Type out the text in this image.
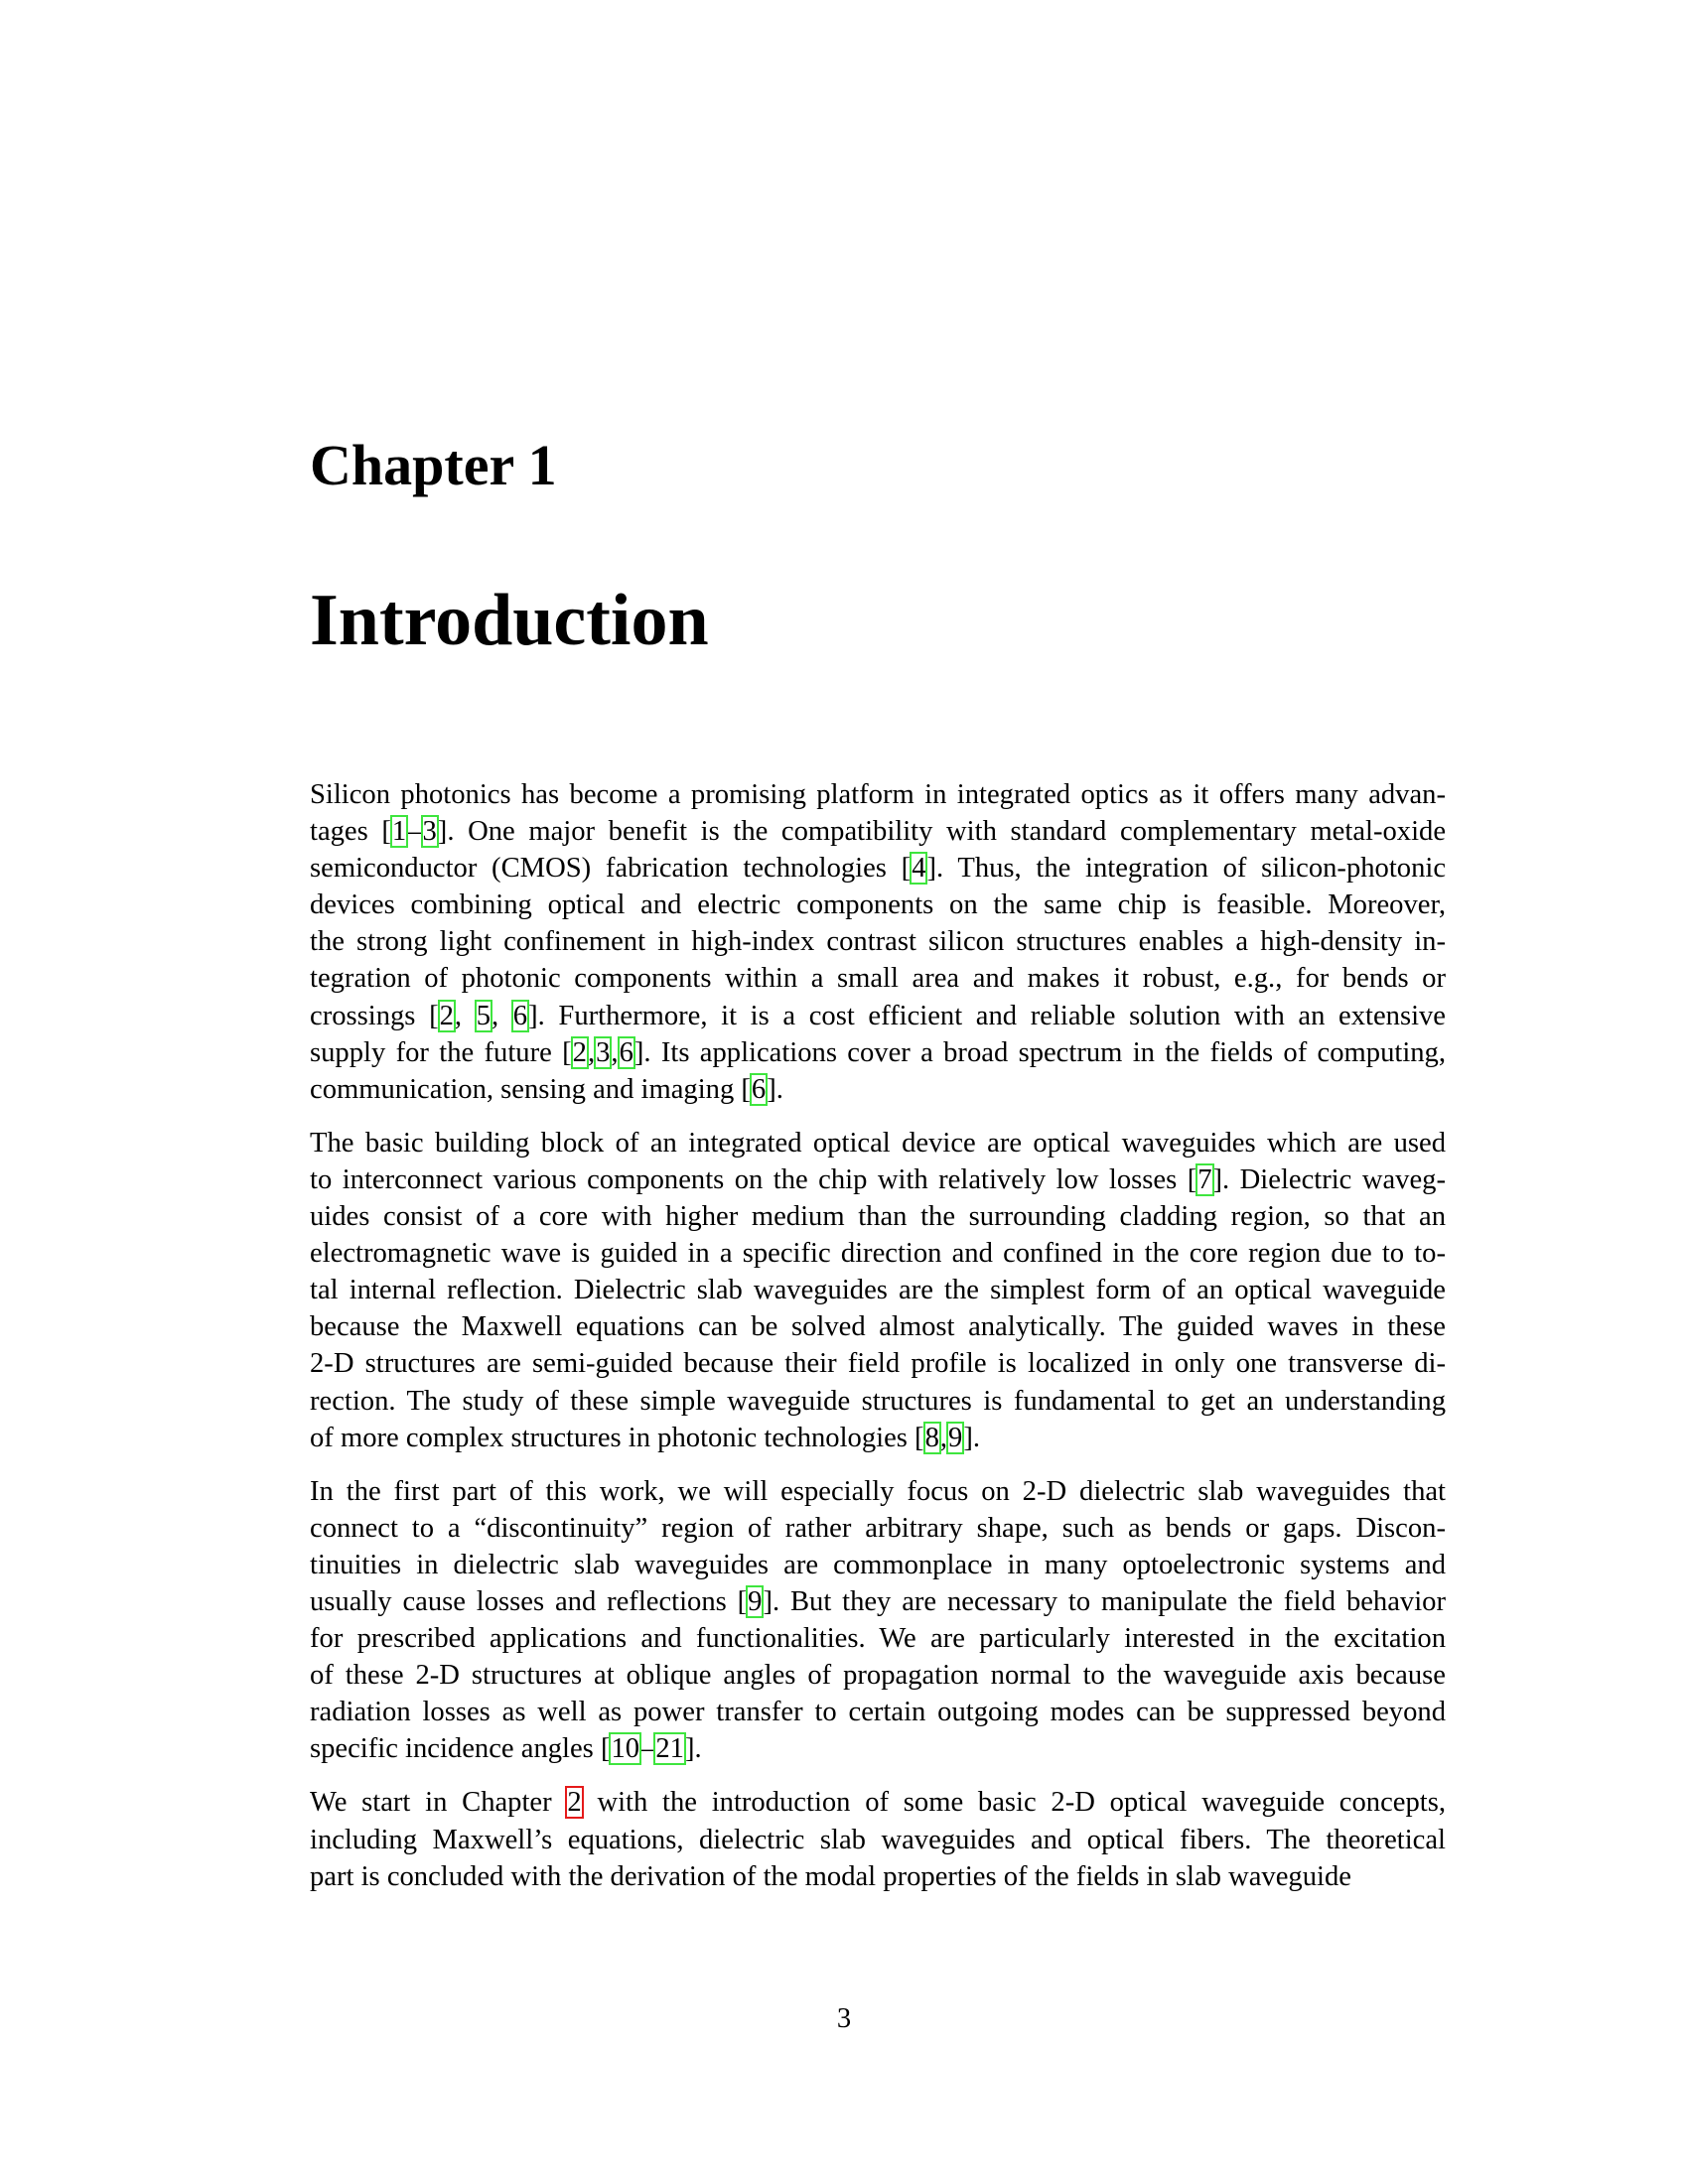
Chapter 1
Introduction

Silicon photonics has become a promising platform in integrated optics as it offers many advan-
tages [1–3]. One major benefit is the compatibility with standard complementary metal-oxide
semiconductor (CMOS) fabrication technologies [4]. Thus, the integration of silicon-photonic
devices combining optical and electric components on the same chip is feasible. Moreover,
the strong light confinement in high-index contrast silicon structures enables a high-density in-
tegration of photonic components within a small area and makes it robust, e.g., for bends or
crossings [2, 5, 6]. Furthermore, it is a cost efficient and reliable solution with an extensive
supply for the future [2,3,6]. Its applications cover a broad spectrum in the fields of computing,
communication, sensing and imaging [6].

The basic building block of an integrated optical device are optical waveguides which are used
to interconnect various components on the chip with relatively low losses [7]. Dielectric waveg-
uides consist of a core with higher medium than the surrounding cladding region, so that an
electromagnetic wave is guided in a specific direction and confined in the core region due to to-
tal internal reflection. Dielectric slab waveguides are the simplest form of an optical waveguide
because the Maxwell equations can be solved almost analytically. The guided waves in these
2-D structures are semi-guided because their field profile is localized in only one transverse di-
rection. The study of these simple waveguide structures is fundamental to get an understanding
of more complex structures in photonic technologies [8,9].

In the first part of this work, we will especially focus on 2-D dielectric slab waveguides that
connect to a “discontinuity” region of rather arbitrary shape, such as bends or gaps. Discon-
tinuities in dielectric slab waveguides are commonplace in many optoelectronic systems and
usually cause losses and reflections [9]. But they are necessary to manipulate the field behavior
for prescribed applications and functionalities. We are particularly interested in the excitation
of these 2-D structures at oblique angles of propagation normal to the waveguide axis because
radiation losses as well as power transfer to certain outgoing modes can be suppressed beyond
specific incidence angles [10–21].

We start in Chapter 2 with the introduction of some basic 2-D optical waveguide concepts,
including Maxwell’s equations, dielectric slab waveguides and optical fibers. The theoretical
part is concluded with the derivation of the modal properties of the fields in slab waveguide

3
